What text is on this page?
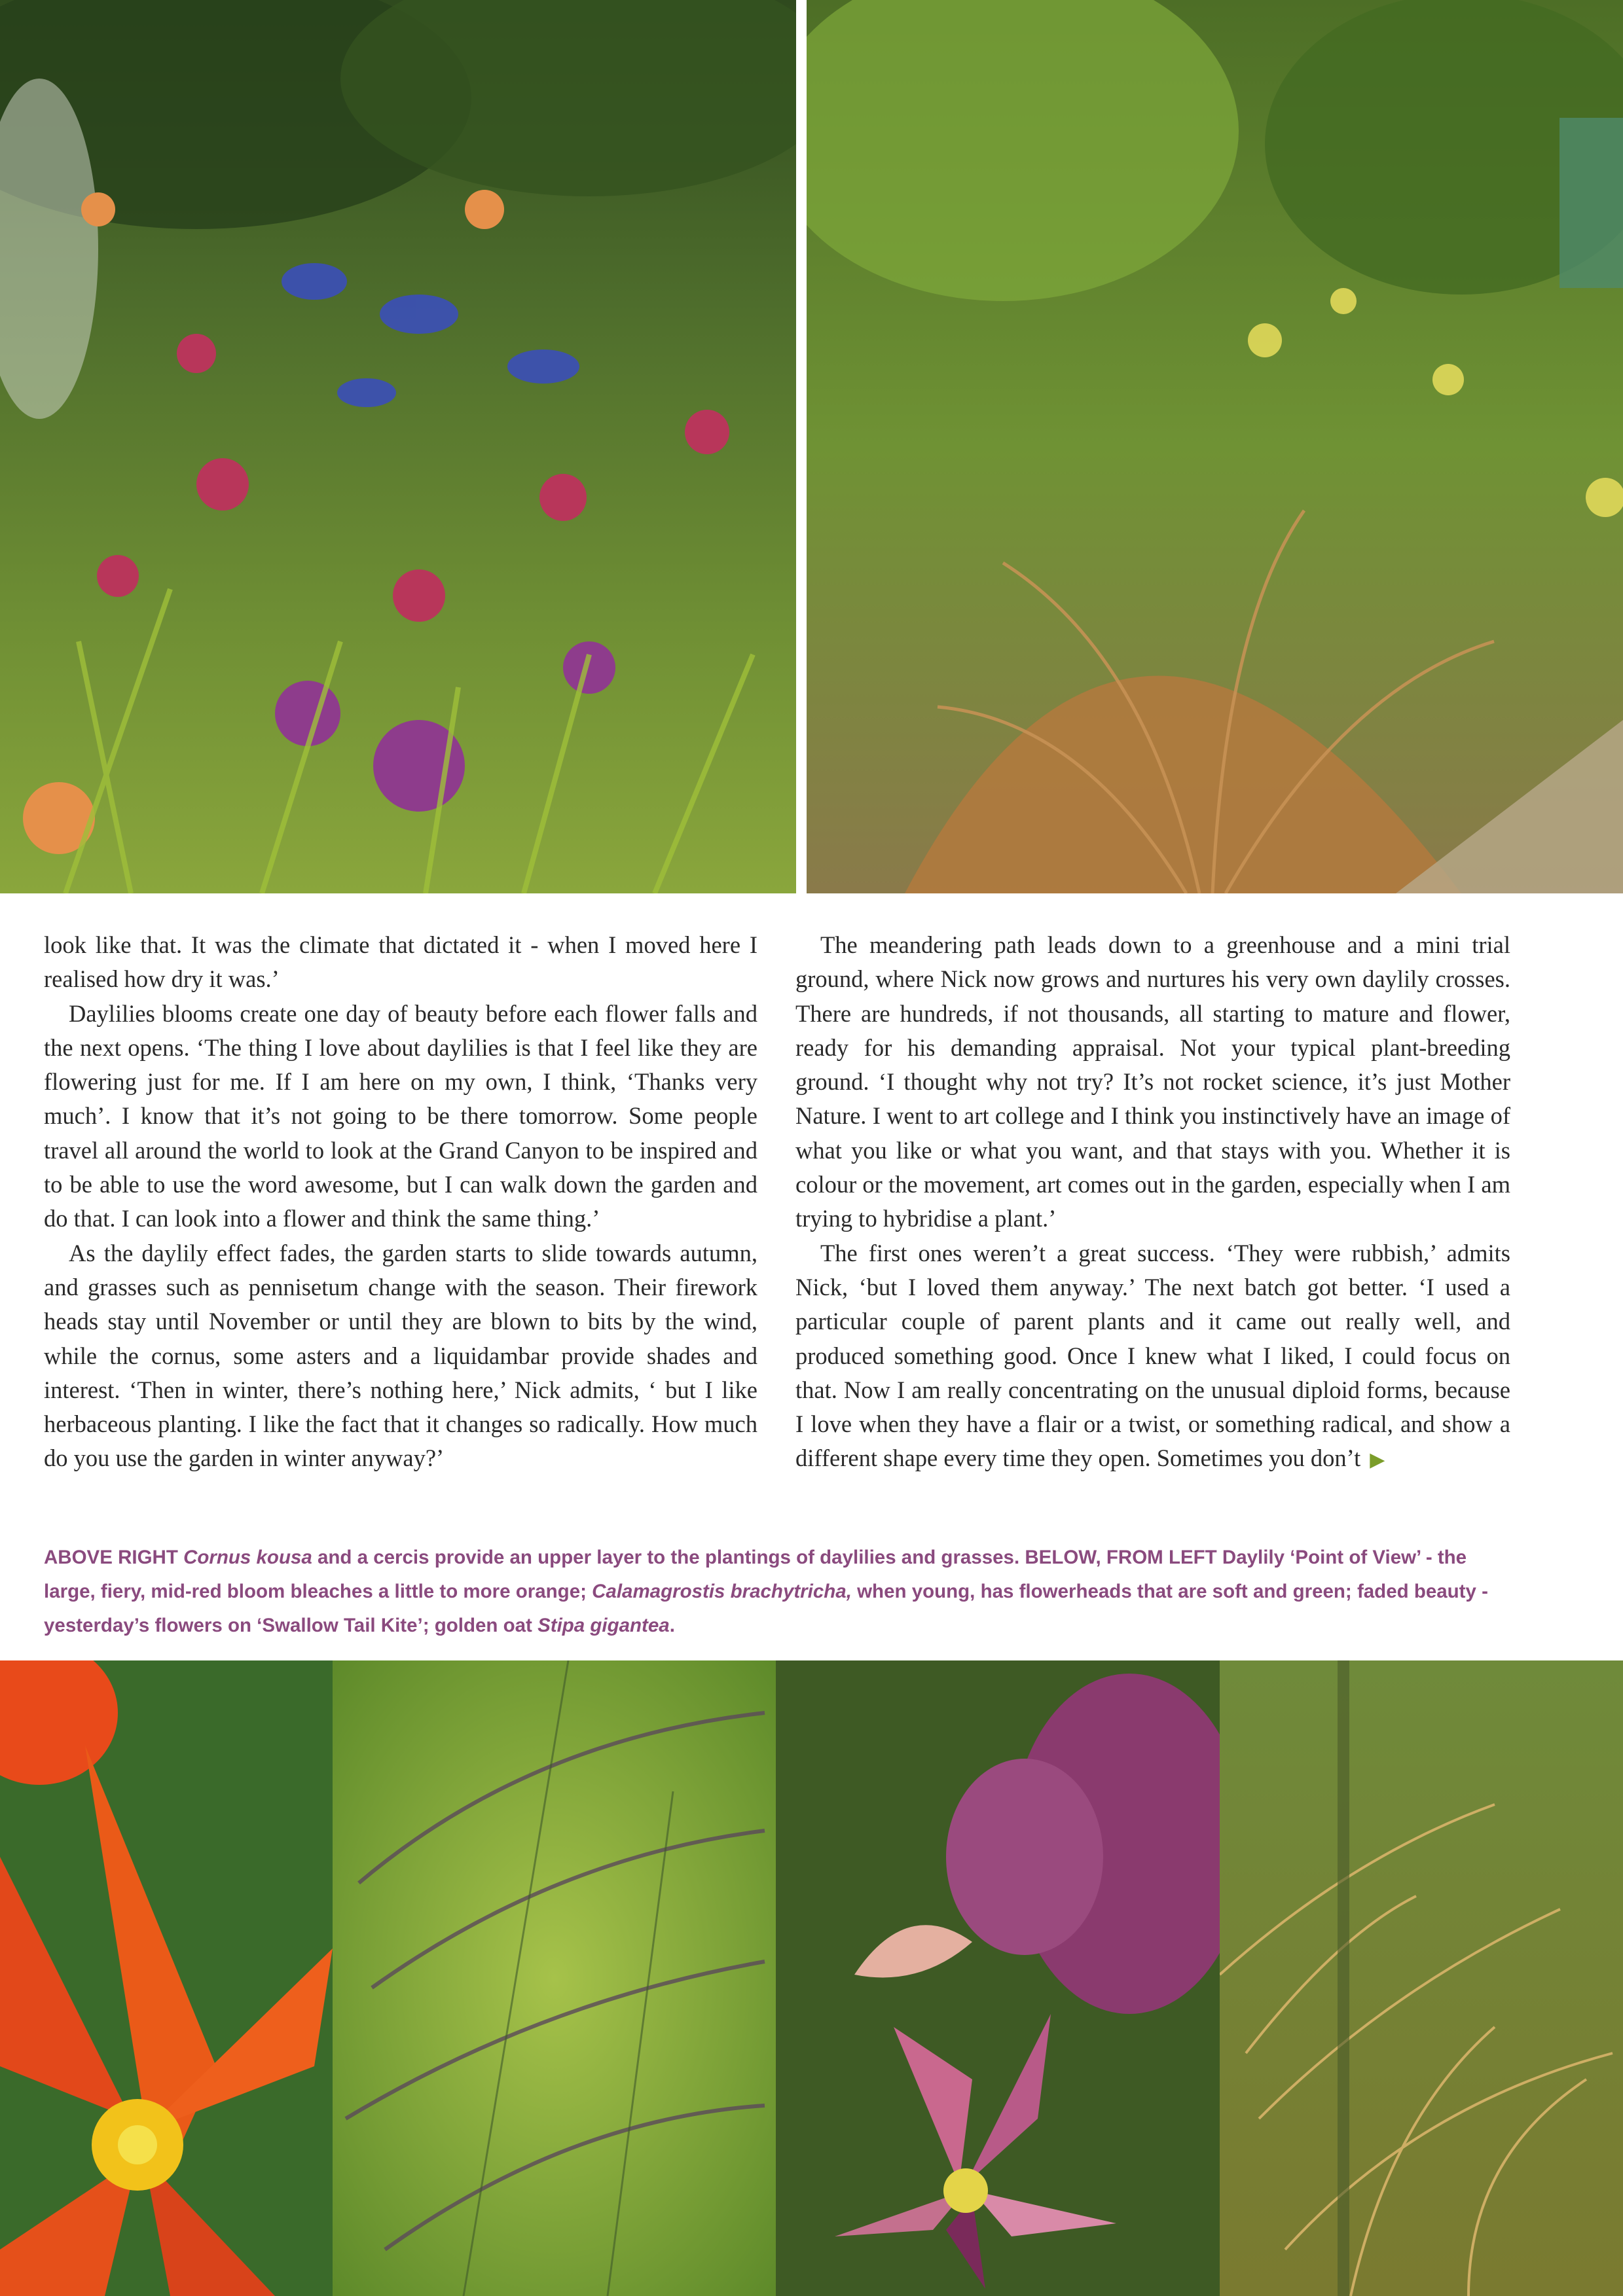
look like that. It was the climate that dictated it - when I moved here I realised how dry it was.’

Daylilies blooms create one day of beauty before each flower falls and the next opens. ‘The thing I love about daylilies is that I feel like they are flowering just for me. If I am here on my own, I think, ‘Thanks very much’. I know that it’s not going to be there tomorrow. Some people travel all around the world to look at the Grand Canyon to be inspired and to be able to use the word awesome, but I can walk down the garden and do that. I can look into a flower and think the same thing.’

As the daylily effect fades, the garden starts to slide towards autumn, and grasses such as pennisetum change with the season. Their firework heads stay until November or until they are blown to bits by the wind, while the cornus, some asters and a liquidambar provide shades and interest. ‘Then in winter, there’s nothing here,’ Nick admits, ‘ but I like herbaceous planting. I like the fact that it changes so radically. How much do you use the garden in winter anyway?’

The meandering path leads down to a greenhouse and a mini trial ground, where Nick now grows and nurtures his very own daylily crosses. There are hundreds, if not thousands, all starting to mature and flower, ready for his demanding appraisal. Not your typical plant-breeding ground. ‘I thought why not try? It’s not rocket science, it’s just Mother Nature. I went to art college and I think you instinctively have an image of what you like or what you want, and that stays with you. Whether it is colour or the movement, art comes out in the garden, especially when I am trying to hybridise a plant.’

The first ones weren’t a great success. ‘They were rubbish,’ admits Nick, ‘but I loved them anyway.’ The next batch got better. ‘I used a particular couple of parent plants and it came out really well, and produced something good. Once I knew what I liked, I could focus on that. Now I am really concentrating on the unusual diploid forms, because I love when they have a flair or a twist, or something radical, and show a different shape every time they open. Sometimes you don’t ▶

ABOVE RIGHT Cornus kousa and a cercis provide an upper layer to the plantings of daylilies and grasses. BELOW, FROM LEFT Daylily ‘Point of View’ - the large, fiery, mid-red bloom bleaches a little to more orange; Calamagrostis brachytricha, when young, has flowerheads that are soft and green; faded beauty - yesterday’s flowers on ‘Swallow Tail Kite’; golden oat Stipa gigantea.
